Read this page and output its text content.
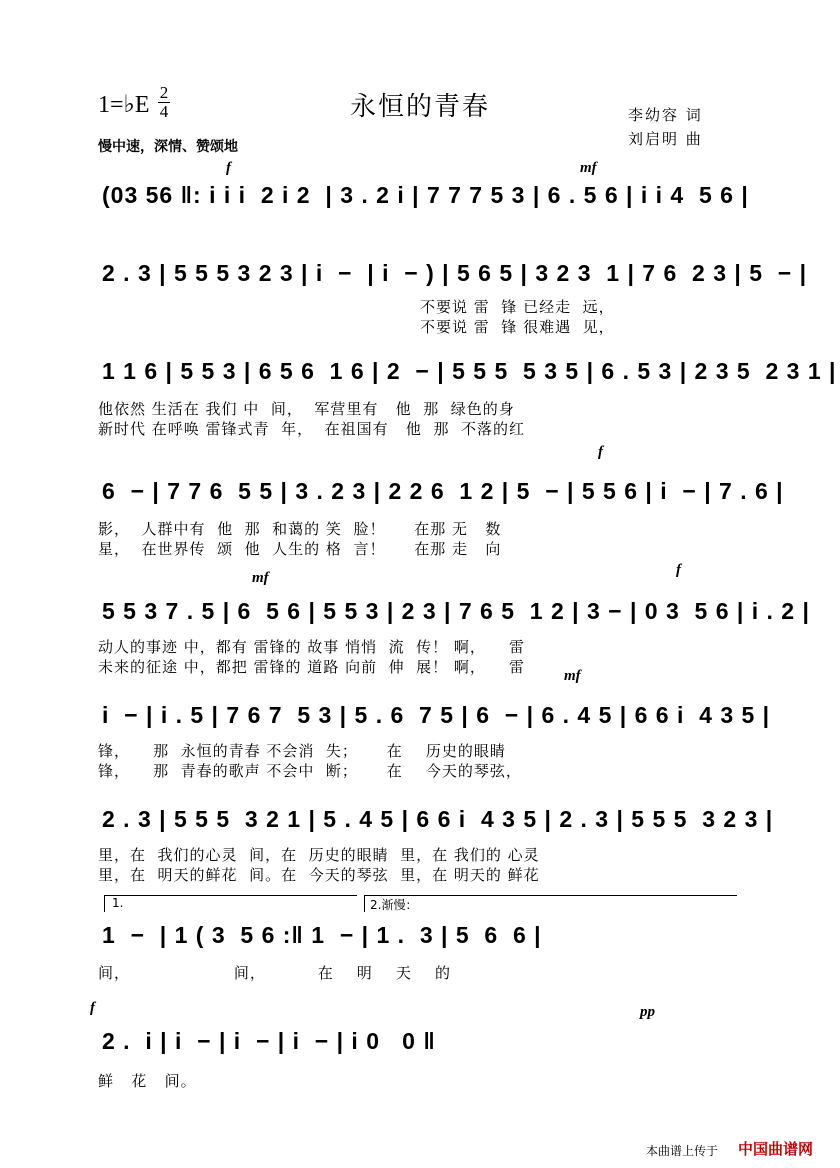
永恒的青春
1=♭E 2
4	李幼容 词
刘启明 曲
慢中速，深情、赞颂地
f	mf
(03 56 ‖: i i i  2 i 2  | 3 . 2 i | 7 7 7 5 3 | 6 . 5 6 | i i 4  5 6 |
2 . 3 | 5 5 5 3 2 3 | i  −  | i  − ) | 5 6 5 | 3 2 3  1 | 7 6  2 3 | 5  − |
不要说 雷  锋 已经走  远，
不要说 雷  锋 很难遇  见，
1 1 6 | 5 5 3 | 6 5 6  1 6 | 2  − | 5 5 5  5 3 5 | 6 . 5 3 | 2 3 5  2 3 1 |
他依然 生活在 我们 中  间，  军营里有   他  那  绿色的身
新时代 在呼唤 雷锋式青  年，  在祖国有   他  那  不落的红
f
6  − | 7 7 6  5 5 | 3 . 2 3 | 2 2 6  1 2 | 5  − | 5 5 6 | i  − | 7 . 6 |
影，  人群中有  他  那  和蔼的 笑  脸！     在那 无   数
星，  在世界传  颂  他  人生的 格  言！     在那 走   向
mf	f
5 5 3 7 . 5 | 6  5 6 | 5 5 3 | 2 3 | 7 6 5  1 2 | 3 − | 0 3  5 6 | i . 2 |
动人的事迹 中，都有 雷锋的 故事 悄悄  流  传！ 啊，    雷
未来的征途 中，都把 雷锋的 道路 向前  伸  展！ 啊，    雷	mf
i  − | i . 5 | 7 6 7  5 3 | 5 . 6  7 5 | 6  − | 6 . 4 5 | 6 6 i  4 3 5 |
锋，    那  永恒的青春 不会消  失；     在    历史的眼睛
锋，    那  青春的歌声 不会中  断；     在    今天的琴弦，
2 . 3 | 5 5 5  3 2 1 | 5 . 4 5 | 6 6 i  4 3 5 | 2 . 3 | 5 5 5  3 2 3 |
里，在  我们的心灵  间，在  历史的眼睛  里，在 我们的 心灵
里，在  明天的鲜花  间。在  今天的琴弦  里，在 明天的 鲜花
1.	2.渐慢：
1  −  | 1 ( 3  5 6 :‖ 1  − | 1 .  3 | 5  6  6 |
间，                  间，         在    明    天    的
f	pp
2 .  i | i  − | i  − | i  − | i 0   0 ‖
鲜   花   间。
本曲谱上传于 中国曲谱网
